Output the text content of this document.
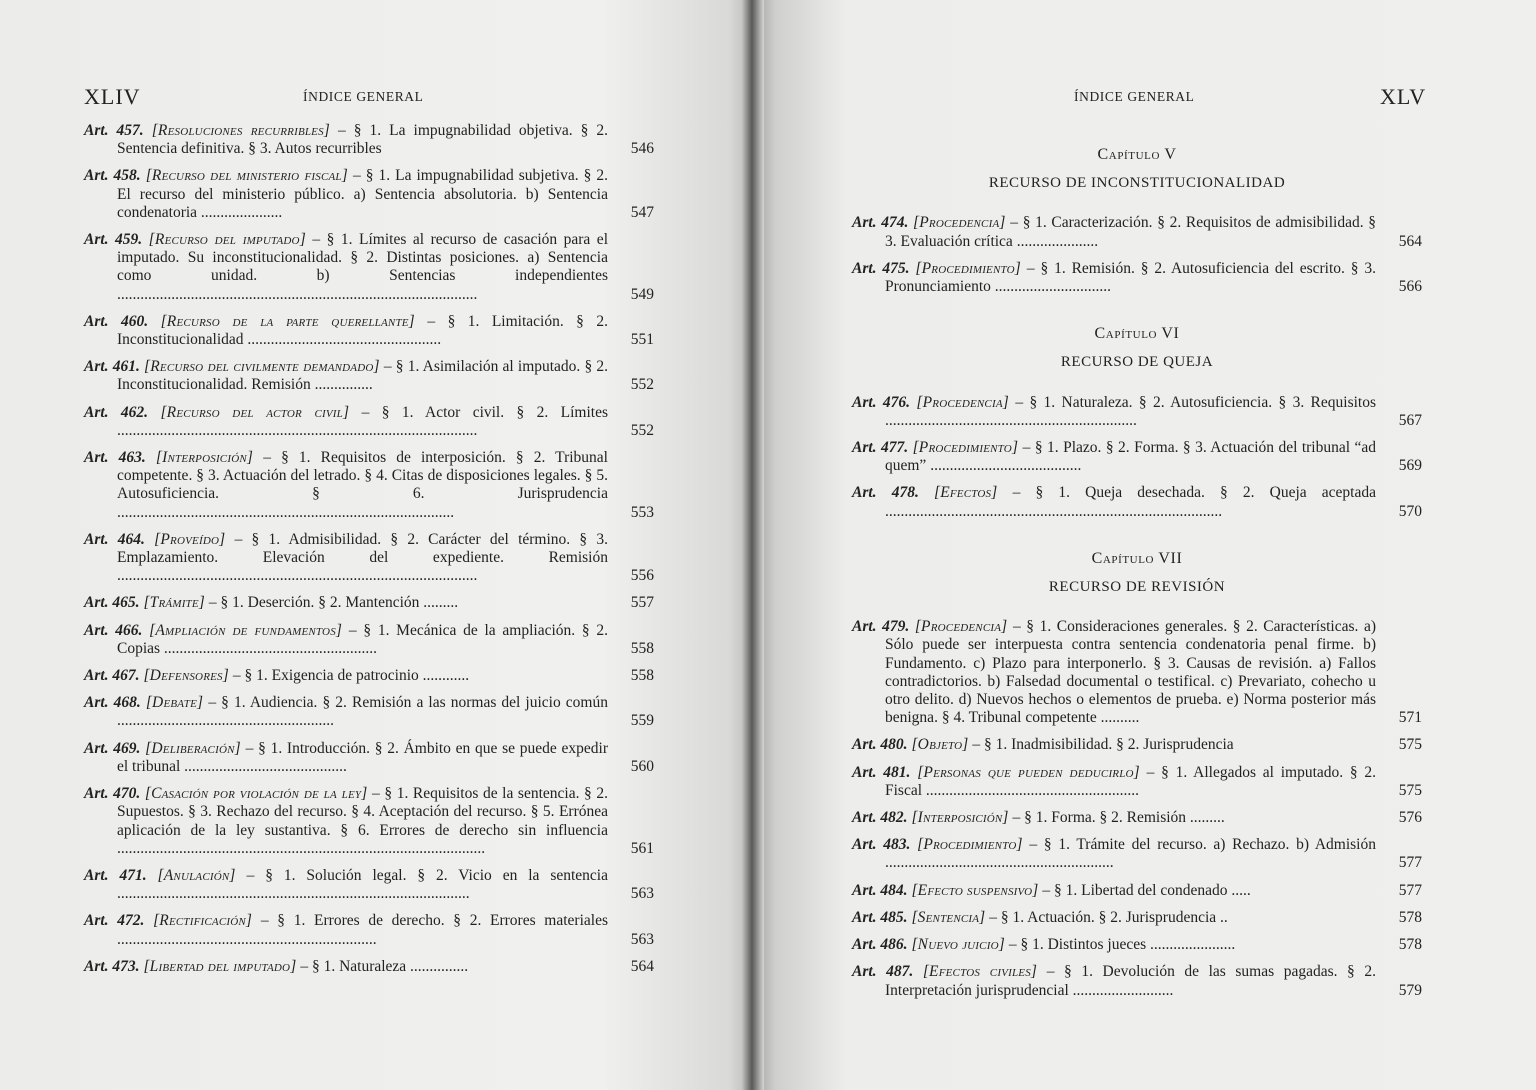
XLIV	ÍNDICE GENERAL
Art. 457. [Resoluciones recurribles] – § 1. La impugnabilidad objetiva. § 2. Sentencia definitiva. § 3. Autos recurribles	546
Art. 458. [Recurso del ministerio fiscal] – § 1. La impugnabilidad subjetiva. § 2. El recurso del ministerio público. a) Sentencia absolutoria. b) Sentencia condenatoria .....................	547
Art. 459. [Recurso del imputado] – § 1. Límites al recurso de casación para el imputado. Su inconstitucionalidad. § 2. Distintas posiciones. a) Sentencia como unidad. b) Sentencias independientes .............................................................................................	549
Art. 460. [Recurso de la parte querellante] – § 1. Limitación. § 2. Inconstitucionalidad ..................................................	551
Art. 461. [Recurso del civilmente demandado] – § 1. Asimilación al imputado. § 2. Inconstitucionalidad. Remisión ...............	552
Art. 462. [Recurso del actor civil] – § 1. Actor civil. § 2. Límites .............................................................................................	552
Art. 463. [Interposición] – § 1. Requisitos de interposición. § 2. Tribunal competente. § 3. Actuación del letrado. § 4. Citas de disposiciones legales. § 5. Autosuficiencia. § 6. Jurisprudencia .......................................................................................	553
Art. 464. [Proveído] – § 1. Admisibilidad. § 2. Carácter del término. § 3. Emplazamiento. Elevación del expediente. Remisión .............................................................................................	556
Art. 465. [Trámite] – § 1. Deserción. § 2. Mantención .........	557
Art. 466. [Ampliación de fundamentos] – § 1. Mecánica de la ampliación. § 2. Copias .......................................................	558
Art. 467. [Defensores] – § 1. Exigencia de patrocinio ............	558
Art. 468. [Debate] – § 1. Audiencia. § 2. Remisión a las normas del juicio común ........................................................	559
Art. 469. [Deliberación] – § 1. Introducción. § 2. Ámbito en que se puede expedir el tribunal ..........................................	560
Art. 470. [Casación por violación de la ley] – § 1. Requisitos de la sentencia. § 2. Supuestos. § 3. Rechazo del recurso. § 4. Aceptación del recurso. § 5. Errónea aplicación de la ley sustantiva. § 6. Errores de derecho sin influencia ...............................................................................................	561
Art. 471. [Anulación] – § 1. Solución legal. § 2. Vicio en la sentencia ...........................................................................................	563
Art. 472. [Rectificación] – § 1. Errores de derecho. § 2. Errores materiales ...................................................................	563
Art. 473. [Libertad del imputado] – § 1. Naturaleza ...............	564
ÍNDICE GENERAL	XLV
Capítulo V
RECURSO DE INCONSTITUCIONALIDAD
Art. 474. [Procedencia] – § 1. Caracterización. § 2. Requisitos de admisibilidad. § 3. Evaluación crítica .....................	564
Art. 475. [Procedimiento] – § 1. Remisión. § 2. Autosuficiencia del escrito. § 3. Pronunciamiento ..............................	566
Capítulo VI
RECURSO DE QUEJA
Art. 476. [Procedencia] – § 1. Naturaleza. § 2. Autosuficiencia. § 3. Requisitos .................................................................	567
Art. 477. [Procedimiento] – § 1. Plazo. § 2. Forma. § 3. Actuación del tribunal “ad quem” .......................................	569
Art. 478. [Efectos] – § 1. Queja desechada. § 2. Queja aceptada .......................................................................................	570
Capítulo VII
RECURSO DE REVISIÓN
Art. 479. [Procedencia] – § 1. Consideraciones generales. § 2. Características. a) Sólo puede ser interpuesta contra sentencia condenatoria penal firme. b) Fundamento. c) Plazo para interponerlo. § 3. Causas de revisión. a) Fallos contradictorios. b) Falsedad documental o testifical. c) Prevariato, cohecho u otro delito. d) Nuevos hechos o elementos de prueba. e) Norma posterior más benigna. § 4. Tribunal competente ..........	571
Art. 480. [Objeto] – § 1. Inadmisibilidad. § 2. Jurisprudencia	575
Art. 481. [Personas que pueden deducirlo] – § 1. Allegados al imputado. § 2. Fiscal .......................................................	575
Art. 482. [Interposición] – § 1. Forma. § 2. Remisión .........	576
Art. 483. [Procedimiento] – § 1. Trámite del recurso. a) Rechazo. b) Admisión ...........................................................	577
Art. 484. [Efecto suspensivo] – § 1. Libertad del condenado .....	577
Art. 485. [Sentencia] – § 1. Actuación. § 2. Jurisprudencia ..	578
Art. 486. [Nuevo juicio] – § 1. Distintos jueces ......................	578
Art. 487. [Efectos civiles] – § 1. Devolución de las sumas pagadas. § 2. Interpretación jurisprudencial ..........................	579
